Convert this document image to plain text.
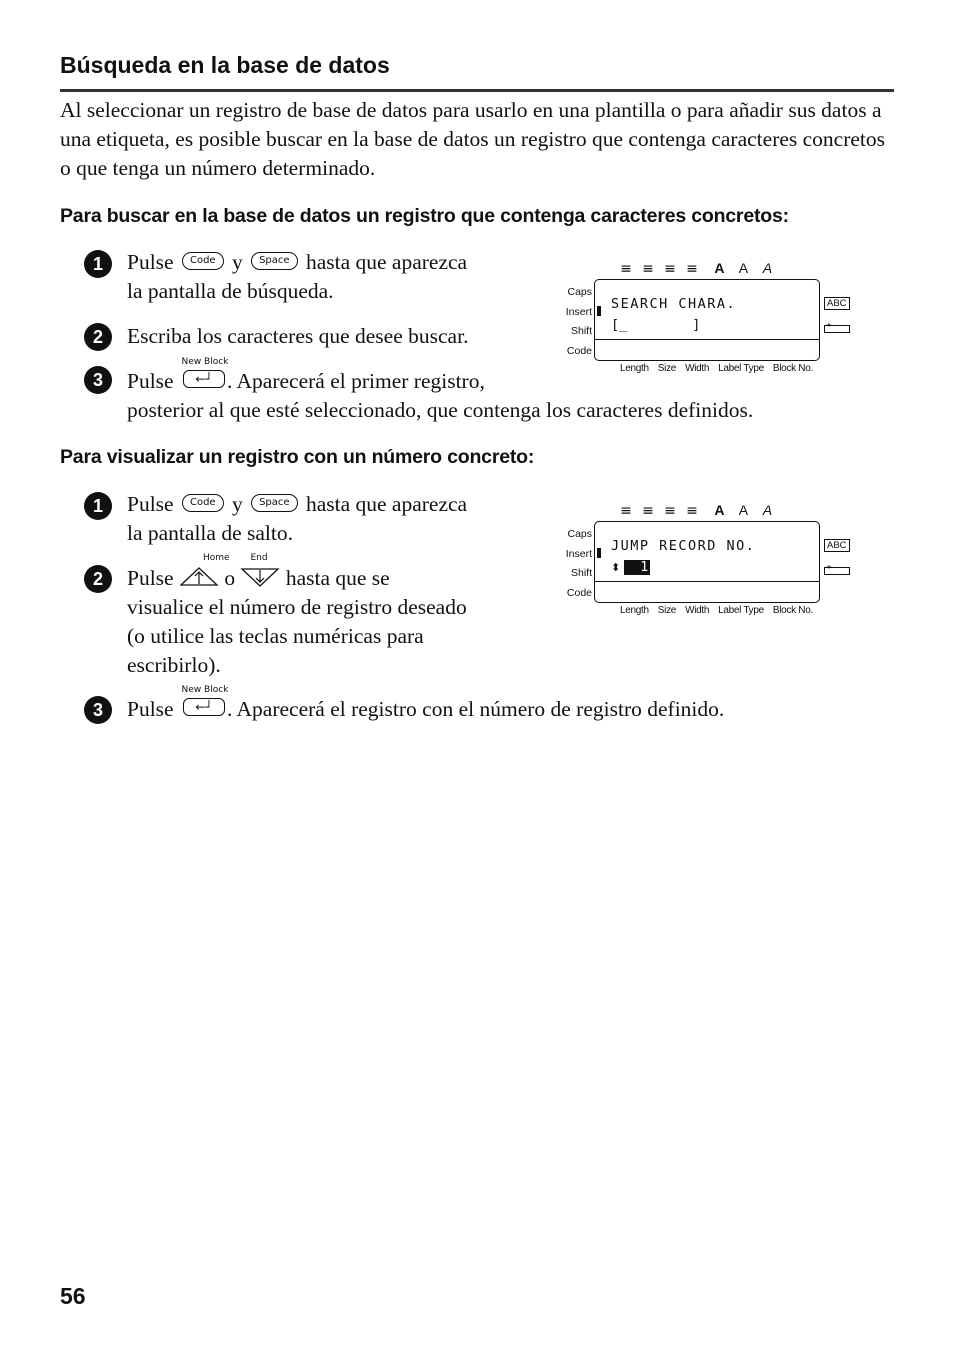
Búsqueda en la base de datos
Al seleccionar un registro de base de datos para usarlo en una plantilla o para añadir sus datos a una etiqueta, es posible buscar en la base de datos un registro que contenga caracteres concretos o que tenga un número determinado.
Para buscar en la base de datos un registro que contenga caracteres concretos:
1	Pulse Code y Space hasta que aparezca
la pantalla de búsqueda.
2	Escriba los caracteres que desee buscar.
3	Pulse
New Block
←┘ . Aparecerá el primer registro,
posterior al que esté seleccionado, que contenga los caracteres definidos.
≡ ≡ ≡ ≡ A A A
Caps
Insert
Shift
Code
SEARCH CHARA.
[_        ]
ABC
+
Length Size Width Label Type Block No.
Para visualizar un registro con un número concreto:
1	Pulse Code y Space hasta que aparezca
la pantalla de salto.
2	Pulse
Home
o
End
hasta que se
visualice el número de registro deseado
(o utilice las teclas numéricas para
escribirlo).
3	Pulse
New Block
←┘ . Aparecerá el registro con el número de registro definido.
≡ ≡ ≡ ≡ A A A
Caps
Insert
Shift
Code
JUMP RECORD NO.
⬍ 1
ABC
+
Length Size Width Label Type Block No.
56
